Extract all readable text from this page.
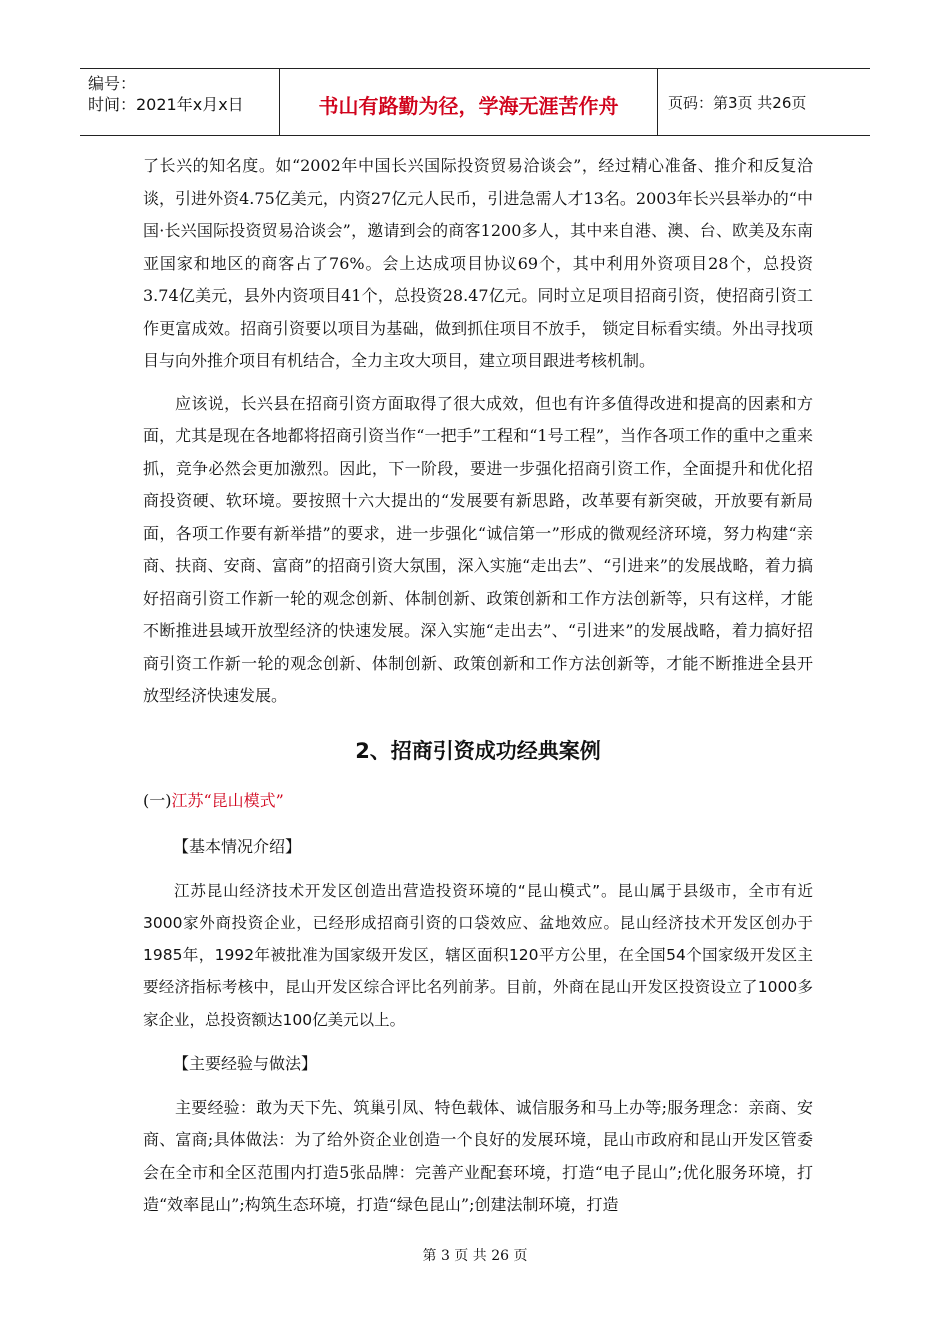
编号：
时间：2021年x月x日	书山有路勤为径，学海无涯苦作舟	页码：第3页 共26页

了长兴的知名度。如“2002年中国长兴国际投资贸易洽谈会”，经过精心准备、推介和反复洽谈，引进外资4.75亿美元，内资27亿元人民币，引进急需人才13名。2003年长兴县举办的“中国·长兴国际投资贸易洽谈会”，邀请到会的商客1200多人，其中来自港、澳、台、欧美及东南亚国家和地区的商客占了76%。会上达成项目协议69个，其中利用外资项目28个，总投资3.74亿美元，县外内资项目41个，总投资28.47亿元。同时立足项目招商引资，使招商引资工作更富成效。招商引资要以项目为基础，做到抓住项目不放手， 锁定目标看实绩。外出寻找项目与向外推介项目有机结合，全力主攻大项目，建立项目跟进考核机制。

应该说，长兴县在招商引资方面取得了很大成效，但也有许多值得改进和提高的因素和方面，尤其是现在各地都将招商引资当作“一把手”工程和“1号工程”，当作各项工作的重中之重来抓，竞争必然会更加激烈。因此，下一阶段，要进一步强化招商引资工作，全面提升和优化招商投资硬、软环境。要按照十六大提出的“发展要有新思路，改革要有新突破，开放要有新局面，各项工作要有新举措”的要求，进一步强化“诚信第一”形成的微观经济环境，努力构建“亲商、扶商、安商、富商”的招商引资大氛围，深入实施“走出去”、“引进来”的发展战略，着力搞好招商引资工作新一轮的观念创新、体制创新、政策创新和工作方法创新等，只有这样，才能不断推进县域开放型经济的快速发展。深入实施“走出去”、“引进来”的发展战略，着力搞好招商引资工作新一轮的观念创新、体制创新、政策创新和工作方法创新等，才能不断推进全县开放型经济快速发展。

2、招商引资成功经典案例
(一)江苏“昆山模式”
【基本情况介绍】

江苏昆山经济技术开发区创造出营造投资环境的“昆山模式”。昆山属于县级市，全市有近3000家外商投资企业，已经形成招商引资的口袋效应、盆地效应。昆山经济技术开发区创办于1985年，1992年被批准为国家级开发区，辖区面积120平方公里，在全国54个国家级开发区主要经济指标考核中，昆山开发区综合评比名列前茅。目前，外商在昆山开发区投资设立了1000多家企业，总投资额达100亿美元以上。

【主要经验与做法】

主要经验：敢为天下先、筑巢引凤、特色载体、诚信服务和马上办等;服务理念：亲商、安商、富商;具体做法：为了给外资企业创造一个良好的发展环境，昆山市政府和昆山开发区管委会在全市和全区范围内打造5张品牌：完善产业配套环境，打造“电子昆山”;优化服务环境，打造“效率昆山”;构筑生态环境，打造“绿色昆山”;创建法制环境，打造

第 3 页 共 26 页
